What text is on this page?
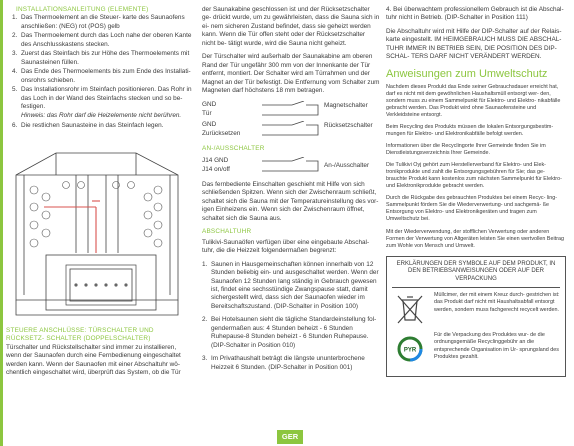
INSTALLATIONSANLEITUNG (ELEMENTE)
1. Das Thermoelement an die Steuer- karte des Saunaofens anschließen: (NEG) rot (POS) gelb
2. Das Thermoelement durch das Loch nahe der oberen Kante des Anschlusskastens stecken.
3. Zuerst das Steinfach bis zur Höhe des Thermoelements mit Saunasteinen füllen.
4. Das Ende des Thermoelements bis zum Ende des Installati- onsrohrs schieben.
5. Das Installationsrohr im Steinfach positionieren. Das Rohr in das Loch in der Wand des Steinfachs stecken und so be- festigen.
Hinweis: das Rohr darf die Heizelemente nicht berühren.
6. Die restlichen Saunasteine in das Steinfach legen.
STEUERE ANSCHLÜSSE: TÜRSCHALTER UND RÜCKSETZ- SCHALTER (DOPPELSCHALTER)

Türschalter und Rückstellschalter sind immer zu installieren, wenn der Saunaofen durch eine Fernbedienung eingeschaltet werden kann. Wenn der Saunaofen mit einer Abschaltuhr wö- chentlich eingeschaltet wird, überprüft das System, ob die Tür

der Saunakabine geschlossen ist und der Rücksetzschalter ge- drückt wurde, um zu gewährleisten, dass die Sauna sich in ei- nem sicheren Zustand befindet, dass sie geheizt werden kann. Wenn die Tür offen steht oder der Rücksetzschalter nicht be- tätigt wurde, wird die Sauna nicht geheizt.

Der Türschalter wird außerhalb der Saunakabine am oberen Rand der Tür ungefähr 300 mm von der Innenkante der Tür entfernt, montiert. Der Schalter wird am Türrahmen und der Magnet an der Tür befestigt. Die Entfernung vom Schalter zum Magneten darf höchstens 18 mm betragen.

GND	Magnetschalter
Tür
GND	Rücksetzschalter
Zurücksetzen
AN-/AUSSCHALTER
J14 GND
An-/Ausschalter
J14 on/off

Das fernbediente Einschalten geschieht mit Hilfe von sich schließenden Spitzen. Wenn sich der Zwischenraum schließt, schaltet sich die Sauna mit der Temperatureinstellung des vor- igen Einheizens ein. Wenn sich der Zwischenraum öffnet, schaltet sich die Sauna aus.

ABSCHALTUHR

Tulikivi-Saunaöfen verfügen über eine eingebaute Abschal- tuhr, die die Heizzeit folgendermaßen begrenzt:

1. Saunen in Hausgemeinschaften können innerhalb von 12 Stunden beliebig ein- und ausgeschaltet werden. Wenn der Saunaofen 12 Stunden lang ständig in Gebrauch gewesen ist, findet eine sechsstündige Zwangspause statt, damit sichergestellt wird, dass sich der Saunaofen wieder im Bereitschaftszustand. (DIP-Schalter in Position 100)
2. Bei Hotelsaunen sieht die tägliche Standardeinstellung fol- gendermaßen aus: 4 Stunden beheizt - 6 Stunden Ruhepause-8 Stunden beheizt - 6 Stunden Ruhepause. (DIP-Schalter in Position 010)
3. Im Privathaushalt beträgt die längste ununterbrochene Heizzeit 6 Stunden. (DIP-Schalter in Position 001)

4. Bei überwachtem professionellem Gebrauch ist die Abschal- tuhr nicht in Betrieb. (DIP-Schalter in Position 111)

Die Abschaltuhr wird mit Hilfe der DIP-Schalter auf der Relais- karte eingestellt. IM HEIMGEBRAUCH MUSS DIE ABSCHAL- TUHR IMMER IN BETRIEB SEIN, DIE POSITION DES DIP-SCHAL- TERS DARF NICHT VERÄNDERT WERDEN.

Anweisungen zum Umweltschutz

Nachdem dieses Produkt das Ende seiner Gebrauchsdauer erreicht hat, darf es nicht mit dem gewöhnlichen Haushaltsmüll entsorgt wer- den, sondern muss zu einem Sammelpunkt für Elektro- und Elektro- nikabfälle gebracht werden. Das Produkt wird ohne Saunaofensteine und Verkleidsteine entsorgt.

Beim Recycling des Produkts müssen die lokalen Entsorgungsbestim- mungen für Elektro- und Elektronikabfälle befolgt werden.

Informationen über die Recyclingorte Ihrer Gemeinde finden Sie im Dienstleistungsverzeichnis Ihrer Gemeinde.

Die Tulikivi Oyj gehört zum Herstellerverband für Elektro- und Elek- tronikprodukte und zahlt die Entsorgungsgebühren für Sie; das ge- brauchte Produkt kann kostenlos zum nächsten Sammelpunkt für Elektro- und Elektronikprodukte gebracht werden.

Durch die Rückgabe des gebrauchten Produktes bei einem Recyc- ling-Sammelpunkt fördern Sie die Wiederverwertung- und sachgemä- ße Entsorgung von Elektro- und Elektronikgeräten und tragen zum Umweltschutz bei.

Mit der Wiederverwendung, der stofflichen Verwertung oder anderen Formen der Verwertung von Altgeräten leisten Sie einen wertvollen Beitrag zum Wohle von Mensch und Umwelt.

ERKLÄRUNGEN DER SYMBOLE AUF DEM PRODUKT, IN DEN BETRIEBSANWEISUNGEN ODER AUF DER VERPACKUNG
Müllcimer, der mit einem Kreuz durch- gestrichen ist: das Produkt darf nicht mit Haushaltsabfall entsorgt werden, sondern muss fachgerecht recycelt werden.
PYR
Für die Verpackung des Produktes wur- de die ordnungsgemäße Recyclinggebühr an die entsprechende Organisation im Ur- sprungsland des Produktes gezahlt.
GER
